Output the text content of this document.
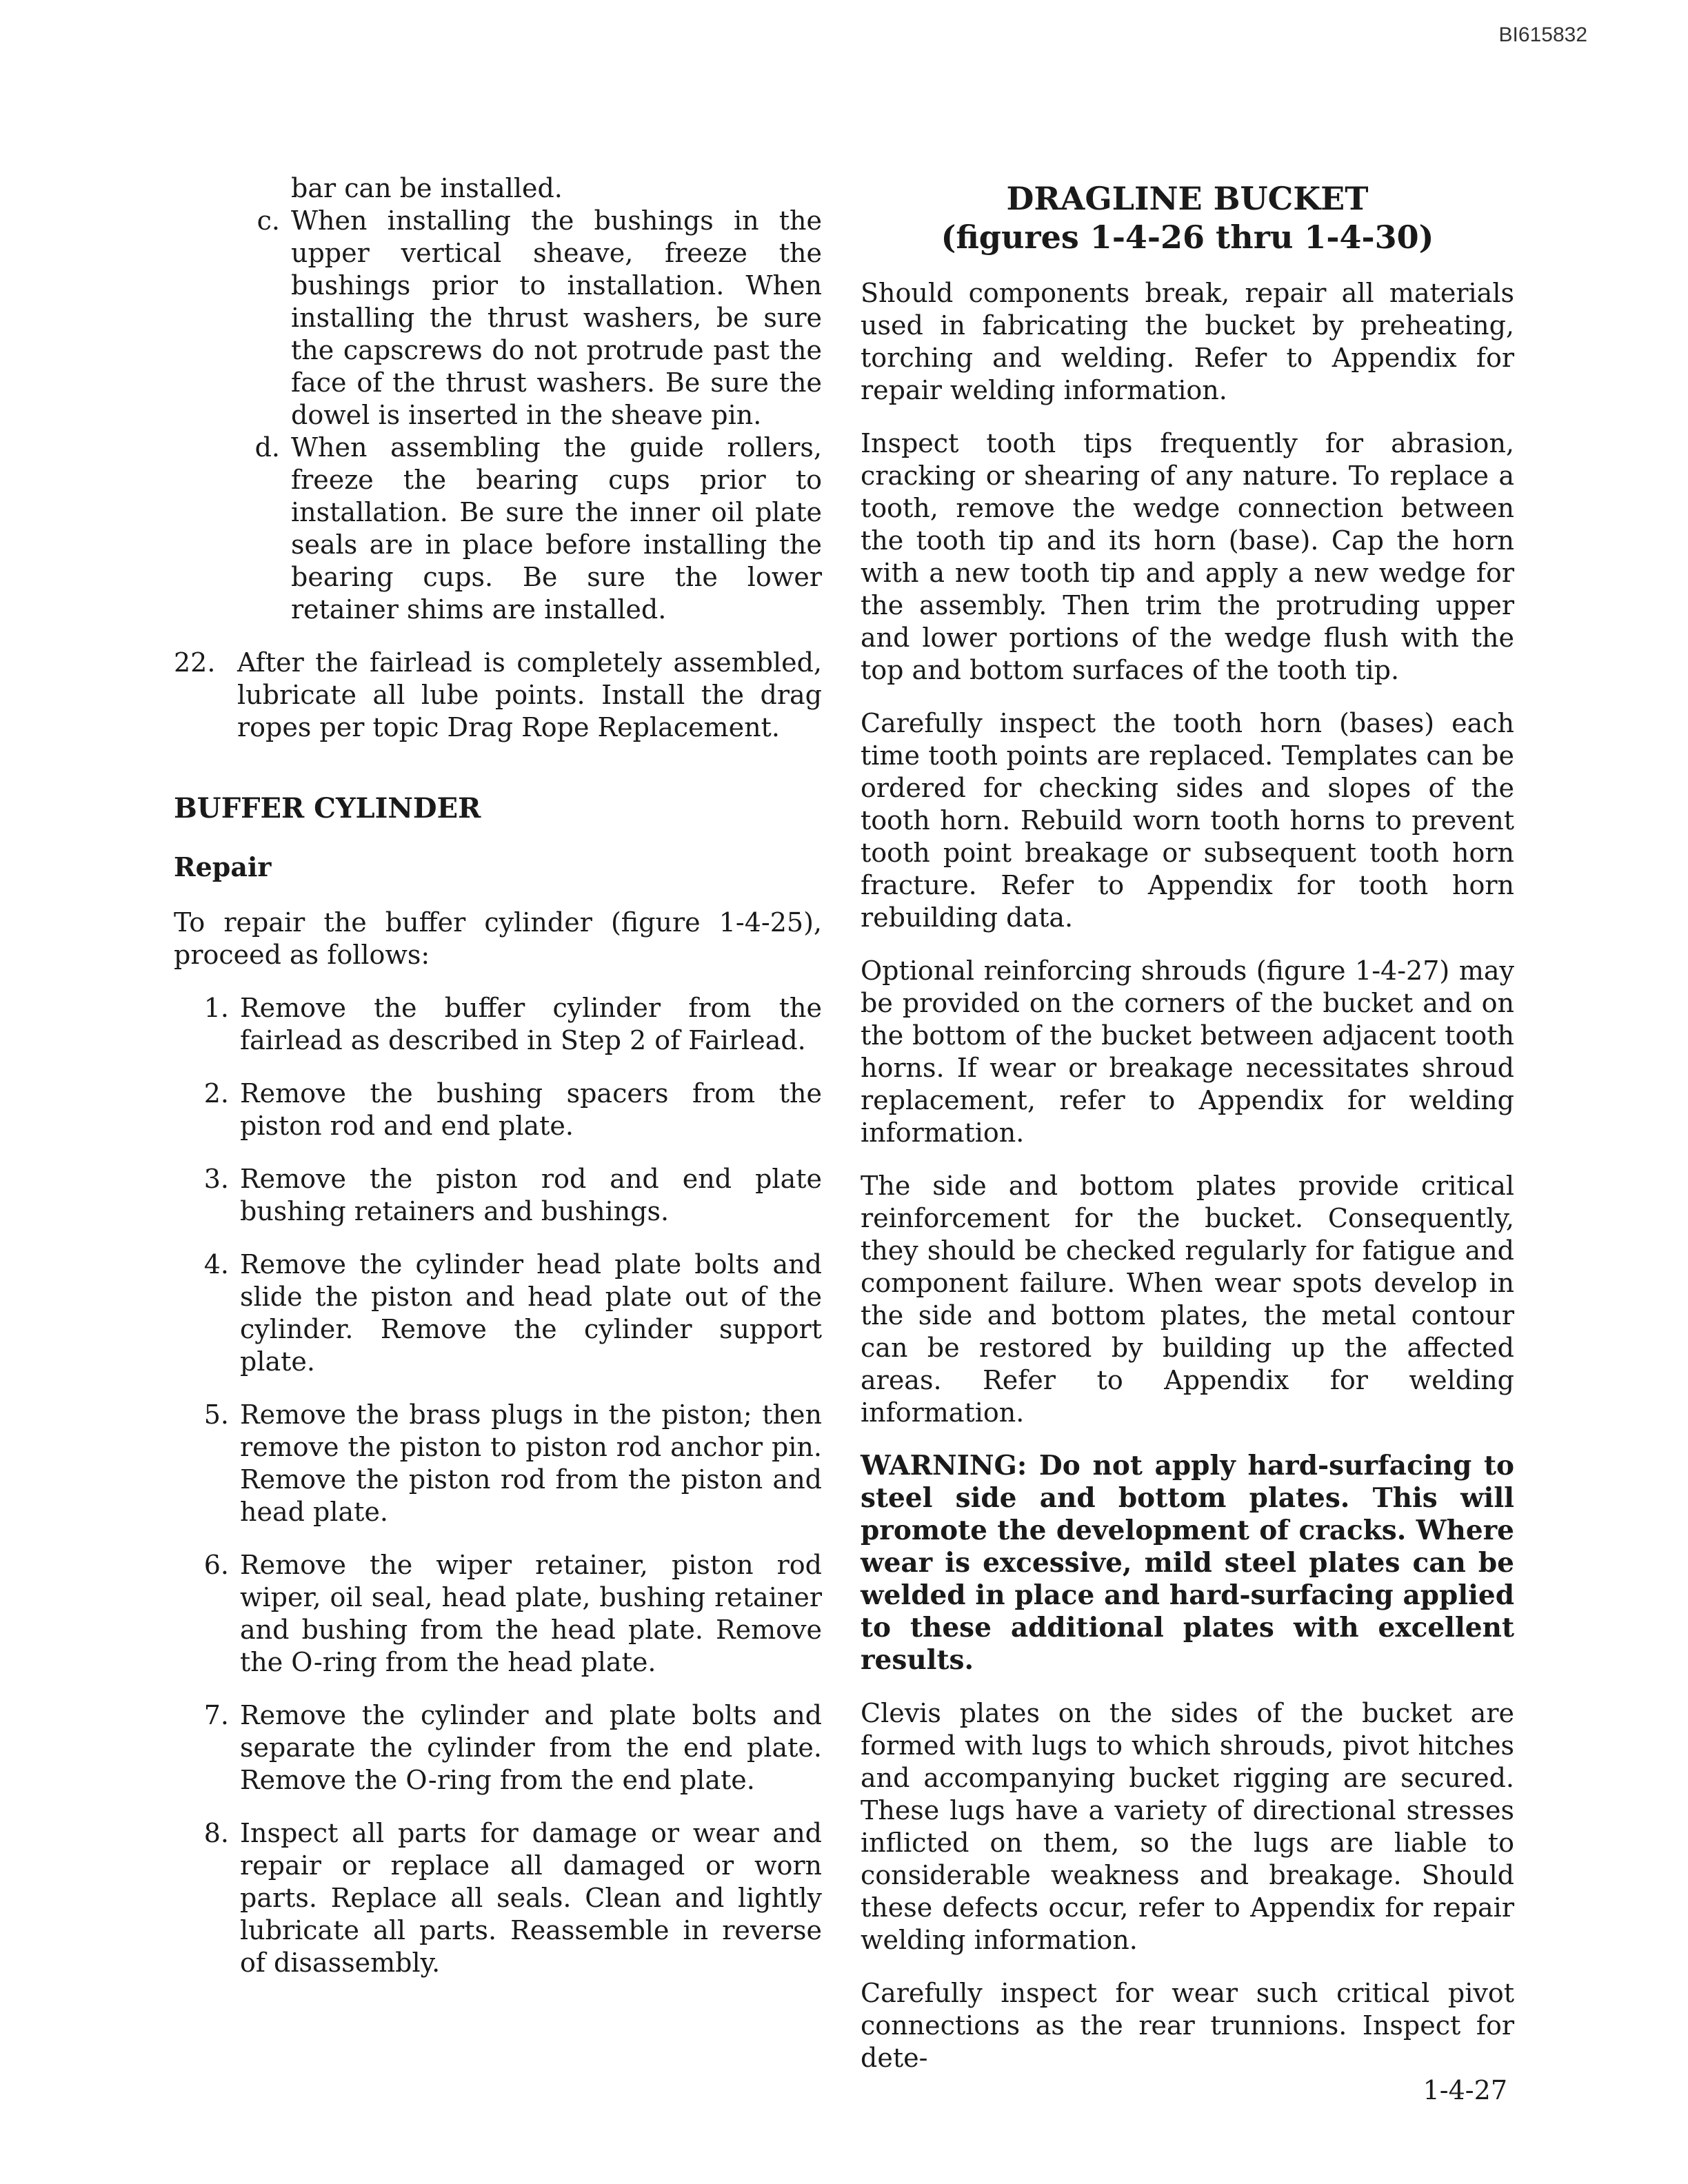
BI615832
bar can be installed.
c. When installing the bushings in the upper vertical sheave, freeze the bushings prior to installation. When installing the thrust washers, be sure the capscrews do not protrude past the face of the thrust washers. Be sure the dowel is inserted in the sheave pin.
d. When assembling the guide rollers, freeze the bearing cups prior to installation. Be sure the inner oil plate seals are in place before installing the bearing cups. Be sure the lower retainer shims are installed.
22. After the fairlead is completely assembled, lubricate all lube points. Install the drag ropes per topic Drag Rope Replacement.
BUFFER CYLINDER
Repair

To repair the buffer cylinder (figure 1-4-25), proceed as follows:

1. Remove the buffer cylinder from the fairlead as described in Step 2 of Fairlead.
2. Remove the bushing spacers from the piston rod and end plate.
3. Remove the piston rod and end plate bushing retainers and bushings.
4. Remove the cylinder head plate bolts and slide the piston and head plate out of the cylinder. Remove the cylinder support plate.
5. Remove the brass plugs in the piston; then remove the piston to piston rod anchor pin. Remove the piston rod from the piston and head plate.
6. Remove the wiper retainer, piston rod wiper, oil seal, head plate, bushing retainer and bushing from the head plate. Remove the O-ring from the head plate.
7. Remove the cylinder and plate bolts and separate the cylinder from the end plate. Remove the O-ring from the end plate.
8. Inspect all parts for damage or wear and repair or replace all damaged or worn parts. Replace all seals. Clean and lightly lubricate all parts. Reassemble in reverse of disassembly.
DRAGLINE BUCKET
(figures 1-4-26 thru 1-4-30)

Should components break, repair all materials used in fabricating the bucket by preheating, torching and welding. Refer to Appendix for repair welding information.

Inspect tooth tips frequently for abrasion, cracking or shearing of any nature. To replace a tooth, remove the wedge connection between the tooth tip and its horn (base). Cap the horn with a new tooth tip and apply a new wedge for the assembly. Then trim the protruding upper and lower portions of the wedge flush with the top and bottom surfaces of the tooth tip.

Carefully inspect the tooth horn (bases) each time tooth points are replaced. Templates can be ordered for checking sides and slopes of the tooth horn. Rebuild worn tooth horns to prevent tooth point breakage or subsequent tooth horn fracture. Refer to Appendix for tooth horn rebuilding data.

Optional reinforcing shrouds (figure 1-4-27) may be provided on the corners of the bucket and on the bottom of the bucket between adjacent tooth horns. If wear or breakage necessitates shroud replacement, refer to Appendix for welding information.

The side and bottom plates provide critical reinforcement for the bucket. Consequently, they should be checked regularly for fatigue and component failure. When wear spots develop in the side and bottom plates, the metal contour can be restored by building up the affected areas. Refer to Appendix for welding information.

WARNING: Do not apply hard-surfacing to steel side and bottom plates. This will promote the development of cracks. Where wear is excessive, mild steel plates can be welded in place and hard-surfacing applied to these additional plates with excellent results.

Clevis plates on the sides of the bucket are formed with lugs to which shrouds, pivot hitches and accompanying bucket rigging are secured. These lugs have a variety of directional stresses inflicted on them, so the lugs are liable to considerable weakness and breakage. Should these defects occur, refer to Appendix for repair welding information.

Carefully inspect for wear such critical pivot connections as the rear trunnions. Inspect for dete-

1-4-27
